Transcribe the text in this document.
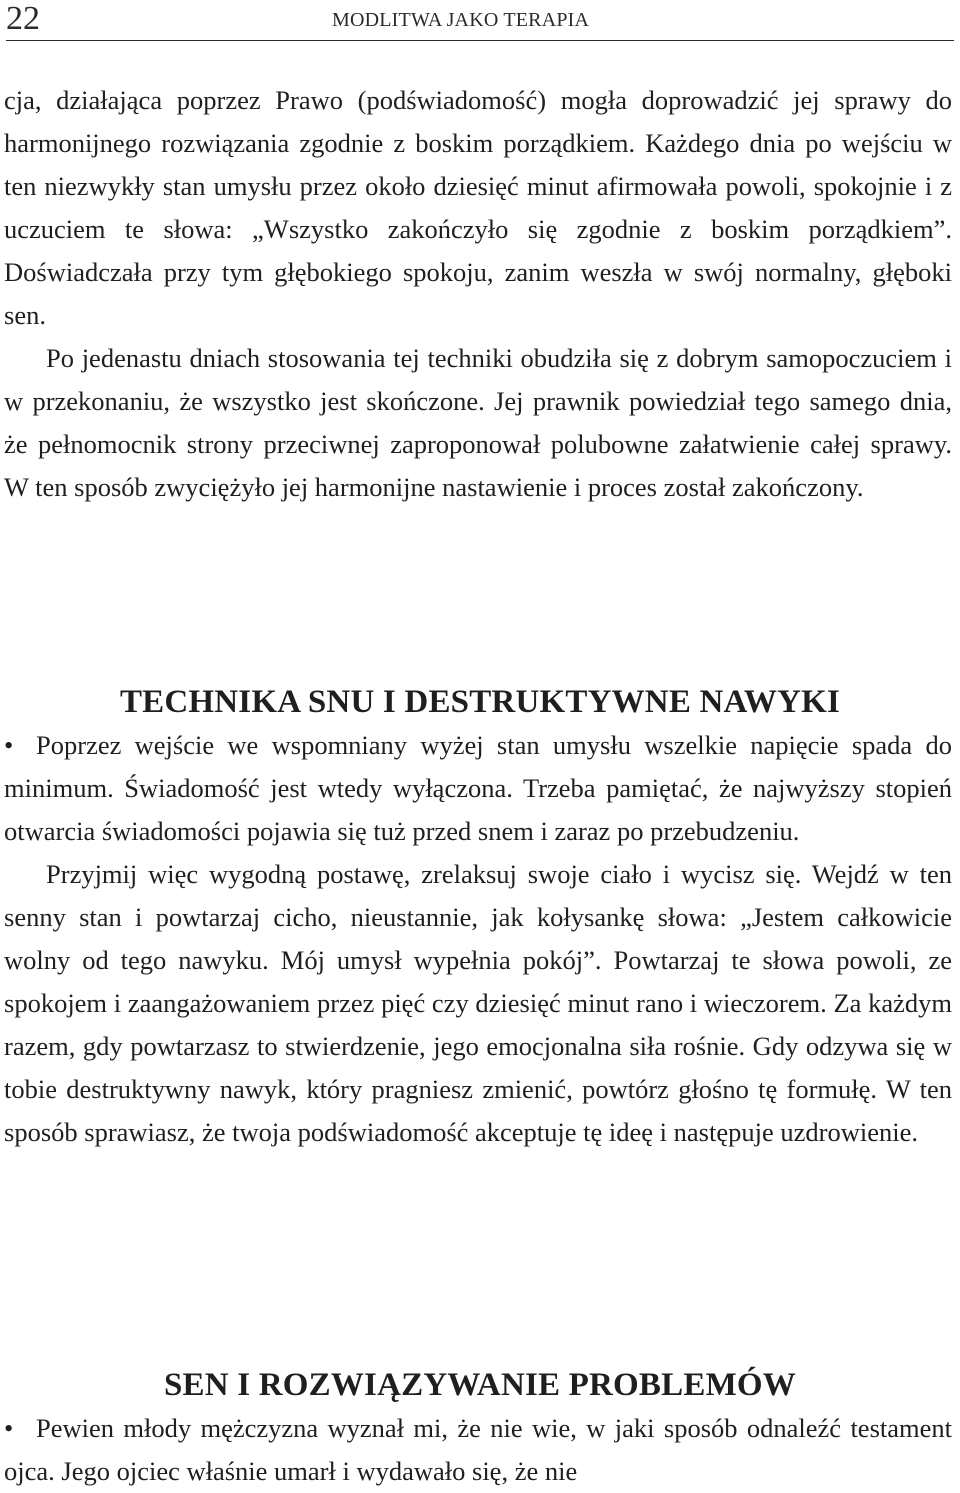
22	MODLITWA JAKO TERAPIA

cja, działająca poprzez Prawo (podświadomość) mogła doprowadzić jej sprawy do harmonijnego rozwiązania zgodnie z boskim porządkiem. Każdego dnia po wejściu w ten niezwykły stan umysłu przez około dziesięć minut afirmowała powoli, spokojnie i z uczuciem te słowa: „Wszystko zakończyło się zgodnie z boskim porządkiem”. Doświadczała przy tym głębokiego spokoju, zanim weszła w swój normalny, głęboki sen.

Po jedenastu dniach stosowania tej techniki obudziła się z dobrym samopoczuciem i w przekonaniu, że wszystko jest skończone. Jej prawnik powiedział tego samego dnia, że pełnomocnik strony przeciwnej zaproponował polubowne załatwienie całej sprawy. W ten sposób zwyciężyło jej harmonijne nastawienie i proces został zakończony.

TECHNIKA SNU I DESTRUKTYWNE NAWYKI

• Poprzez wejście we wspomniany wyżej stan umysłu wszelkie napięcie spada do minimum. Świadomość jest wtedy wyłączona. Trzeba pamiętać, że najwyższy stopień otwarcia świadomości pojawia się tuż przed snem i zaraz po przebudzeniu.

Przyjmij więc wygodną postawę, zrelaksuj swoje ciało i wycisz się. Wejdź w ten senny stan i powtarzaj cicho, nieustannie, jak kołysankę słowa: „Jestem całkowicie wolny od tego nawyku. Mój umysł wypełnia pokój”. Powtarzaj te słowa powoli, ze spokojem i zaangażowaniem przez pięć czy dziesięć minut rano i wieczorem. Za każdym razem, gdy powtarzasz to stwierdzenie, jego emocjonalna siła rośnie. Gdy odzywa się w tobie destruktywny nawyk, który pragniesz zmienić, powtórz głośno tę formułę. W ten sposób sprawiasz, że twoja podświadomość akceptuje tę ideę i następuje uzdrowienie.

SEN I ROZWIĄZYWANIE PROBLEMÓW

• Pewien młody mężczyzna wyznał mi, że nie wie, w jaki sposób odnaleźć testament ojca. Jego ojciec właśnie umarł i wydawało się, że nie
